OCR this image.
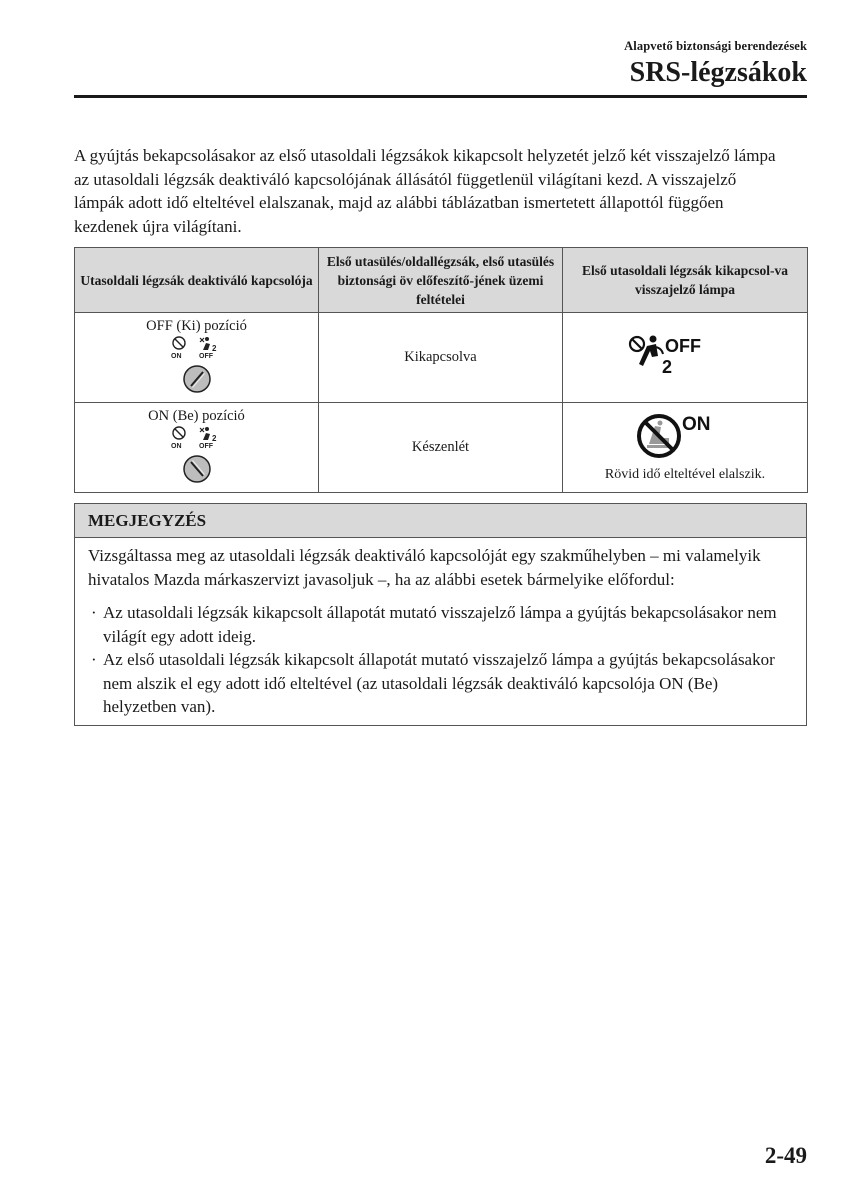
Alapvető biztonsági berendezések
SRS-légzsákok
A gyújtás bekapcsolásakor az első utasoldali légzsákok kikapcsolt helyzetét jelző két visszajelző lámpa az utasoldali légzsák deaktiváló kapcsolójának állásától függetlenül világítani kezd. A visszajelző lámpák adott idő elteltével elalszanak, majd az alábbi táblázatban ismertetett állapottól függően kezdenek újra világítani.
Utasoldali légzsák deaktiváló kapcsolója	Első utasülés/oldallégzsák, első utasülés biztonsági öv előfeszítő-jének üzemi feltételei	Első utasoldali légzsák kikapcsol-va visszajelző lámpa

OFF (Ki) pozíció
2
ON OFF	Kikapcsolva	OFF
2

ON (Be) pozíció
2
ON OFF	Készenlét	ON
Rövid idő elteltével elalszik.
MEGJEGYZÉS

Vizsgáltassa meg az utasoldali légzsák deaktiváló kapcsolóját egy szakműhelyben – mi valamelyik hivatalos Mazda márkaszervizt javasoljuk –, ha az alábbi esetek bármelyike előfordul:

· Az utasoldali légzsák kikapcsolt állapotát mutató visszajelző lámpa a gyújtás bekapcsolásakor nem világít egy adott ideig.
· Az első utasoldali légzsák kikapcsolt állapotát mutató visszajelző lámpa a gyújtás bekapcsolásakor nem alszik el egy adott idő elteltével (az utasoldali légzsák deaktiváló kapcsolója ON (Be) helyzetben van).
2-49
